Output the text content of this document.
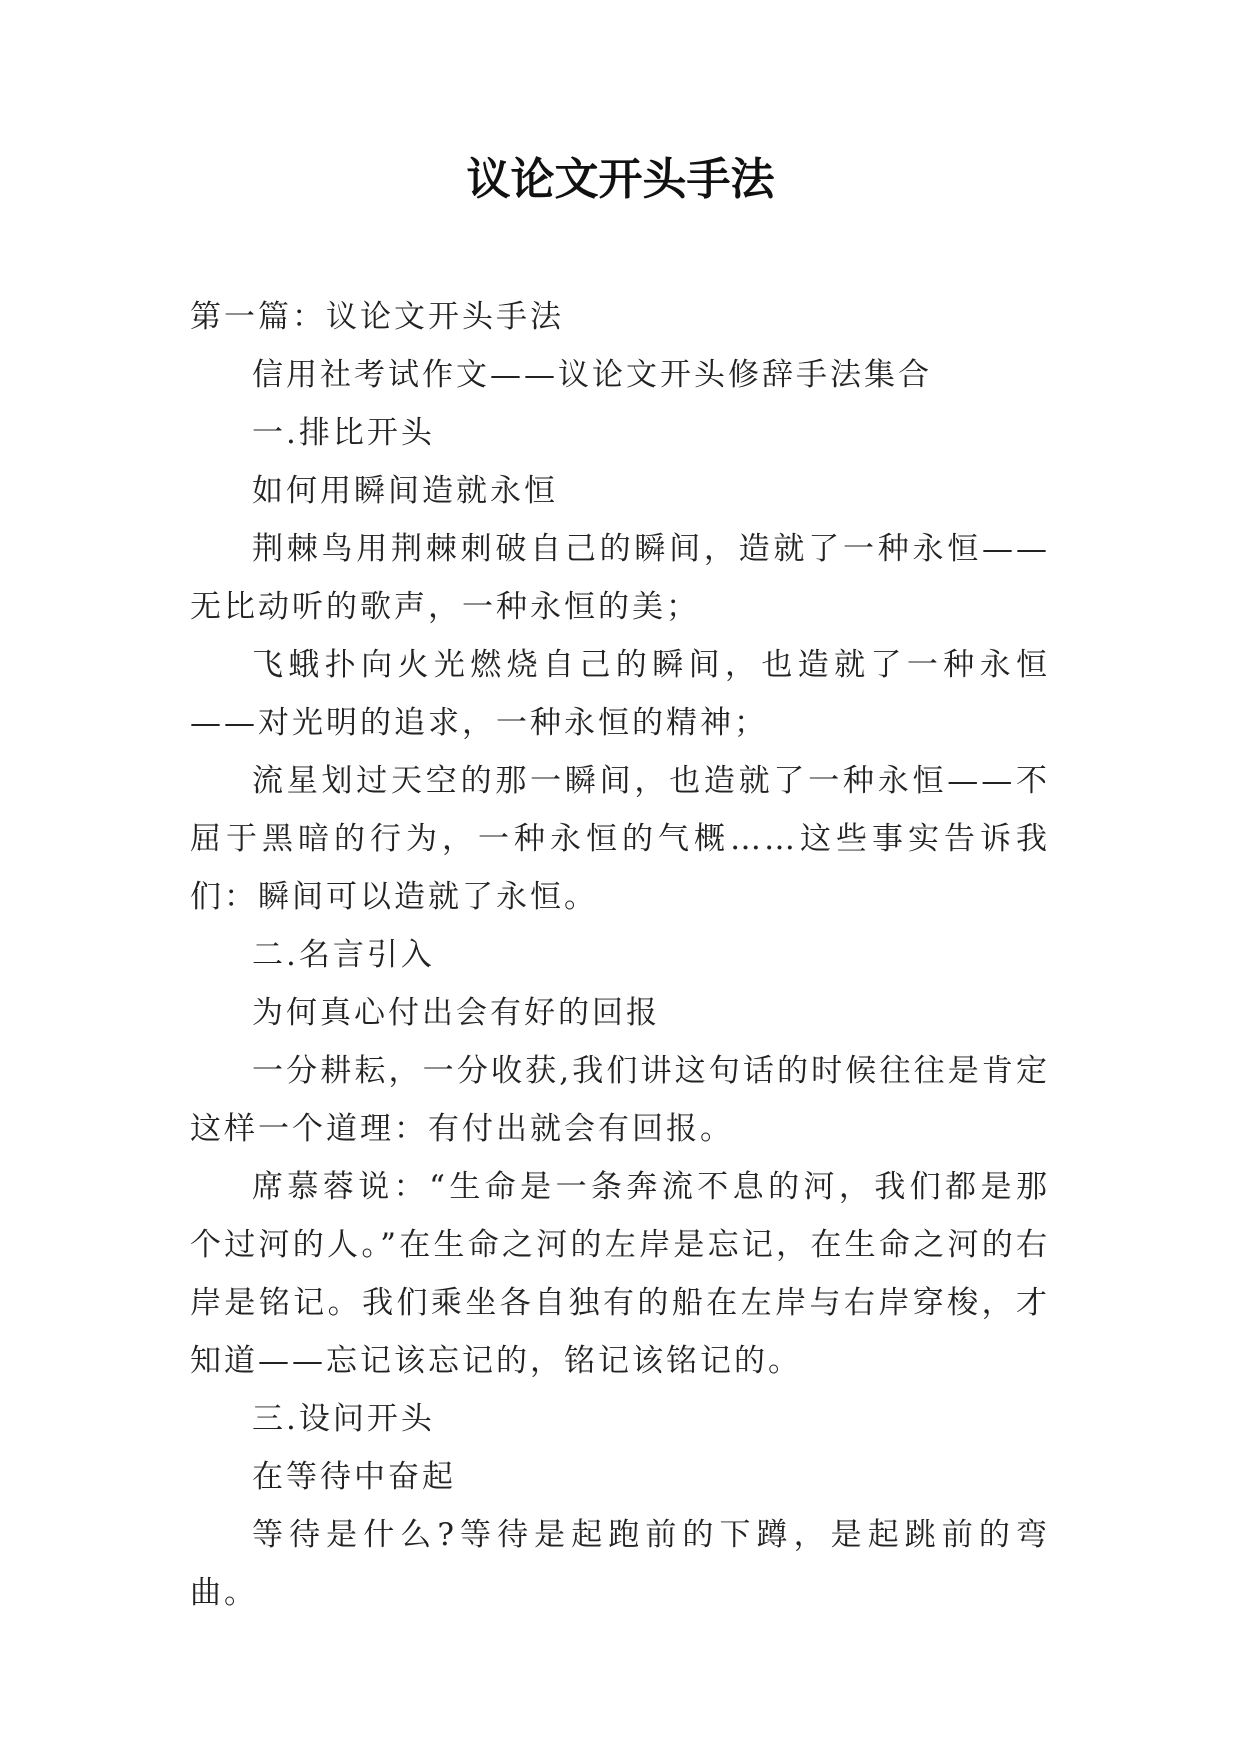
议论文开头手法

第一篇：议论文开头手法

信用社考试作文——议论文开头修辞手法集合

一.排比开头

如何用瞬间造就永恒

荆棘鸟用荆棘刺破自己的瞬间，造就了一种永恒——无比动听的歌声，一种永恒的美；

飞蛾扑向火光燃烧自己的瞬间，也造就了一种永恒——对光明的追求，一种永恒的精神；

流星划过天空的那一瞬间，也造就了一种永恒——不屈于黑暗的行为，一种永恒的气概……这些事实告诉我们：瞬间可以造就了永恒。

二.名言引入

为何真心付出会有好的回报

一分耕耘，一分收获,我们讲这句话的时候往往是肯定这样一个道理：有付出就会有回报。

席慕蓉说：“生命是一条奔流不息的河，我们都是那个过河的人。”在生命之河的左岸是忘记，在生命之河的右岸是铭记。我们乘坐各自独有的船在左岸与右岸穿梭，才知道——忘记该忘记的，铭记该铭记的。

三.设问开头

在等待中奋起

等待是什么?等待是起跑前的下蹲，是起跳前的弯曲。
